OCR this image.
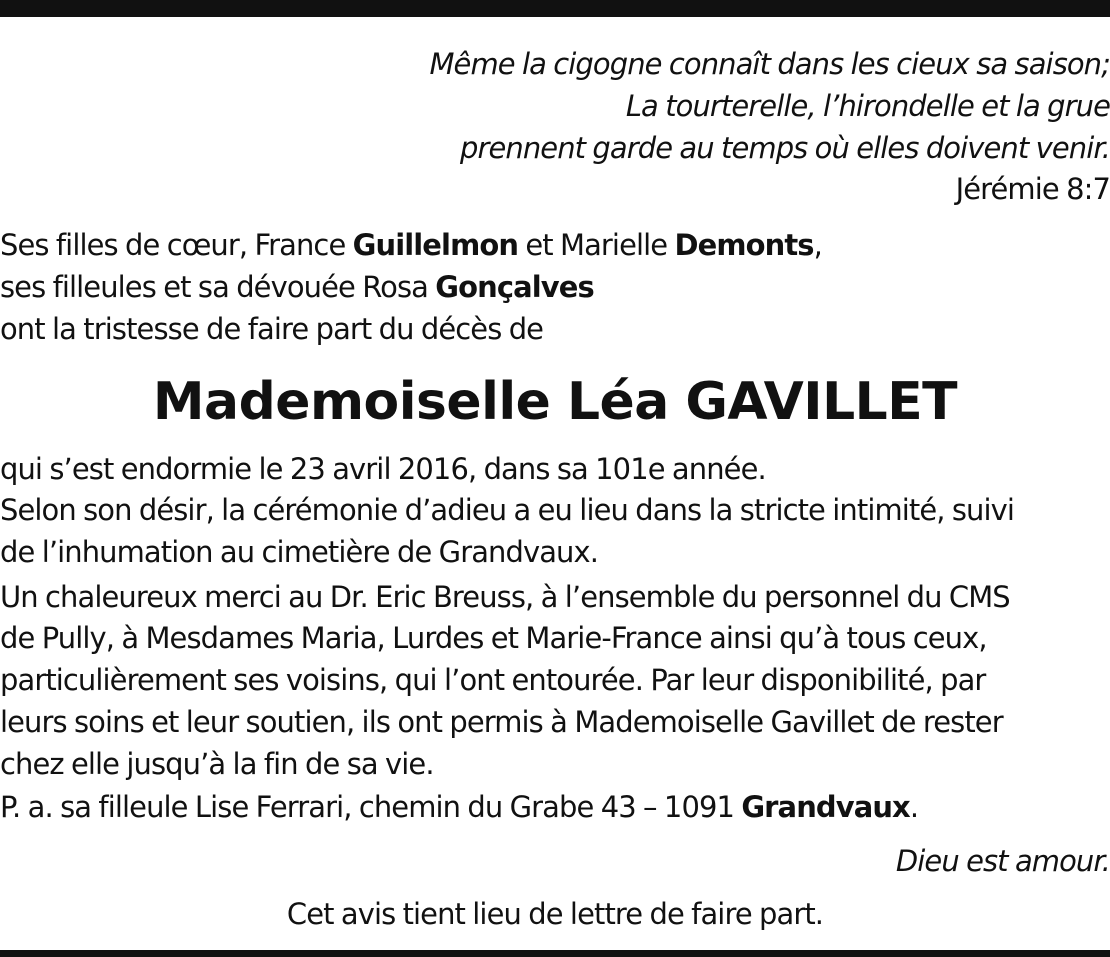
Même la cigogne connaît dans les cieux sa saison;
La tourterelle, l’hirondelle et la grue
prennent garde au temps où elles doivent venir.
Jérémie 8:7
Ses filles de cœur, France Guillelmon et Marielle Demonts,
ses filleules et sa dévouée Rosa Gonçalves
ont la tristesse de faire part du décès de
Mademoiselle Léa GAVILLET
qui s’est endormie le 23 avril 2016, dans sa 101e année.
Selon son désir, la cérémonie d’adieu a eu lieu dans la stricte intimité, suivi
de l’inhumation au cimetière de Grandvaux.
Un chaleureux merci au Dr. Eric Breuss, à l’ensemble du personnel du CMS
de Pully, à Mesdames Maria, Lurdes et Marie-France ainsi qu’à tous ceux,
particulièrement ses voisins, qui l’ont entourée. Par leur disponibilité, par
leurs soins et leur soutien, ils ont permis à Mademoiselle Gavillet de rester
chez elle jusqu’à la fin de sa vie.
P. a. sa filleule Lise Ferrari, chemin du Grabe 43 – 1091 Grandvaux.
Dieu est amour.
Cet avis tient lieu de lettre de faire part.
